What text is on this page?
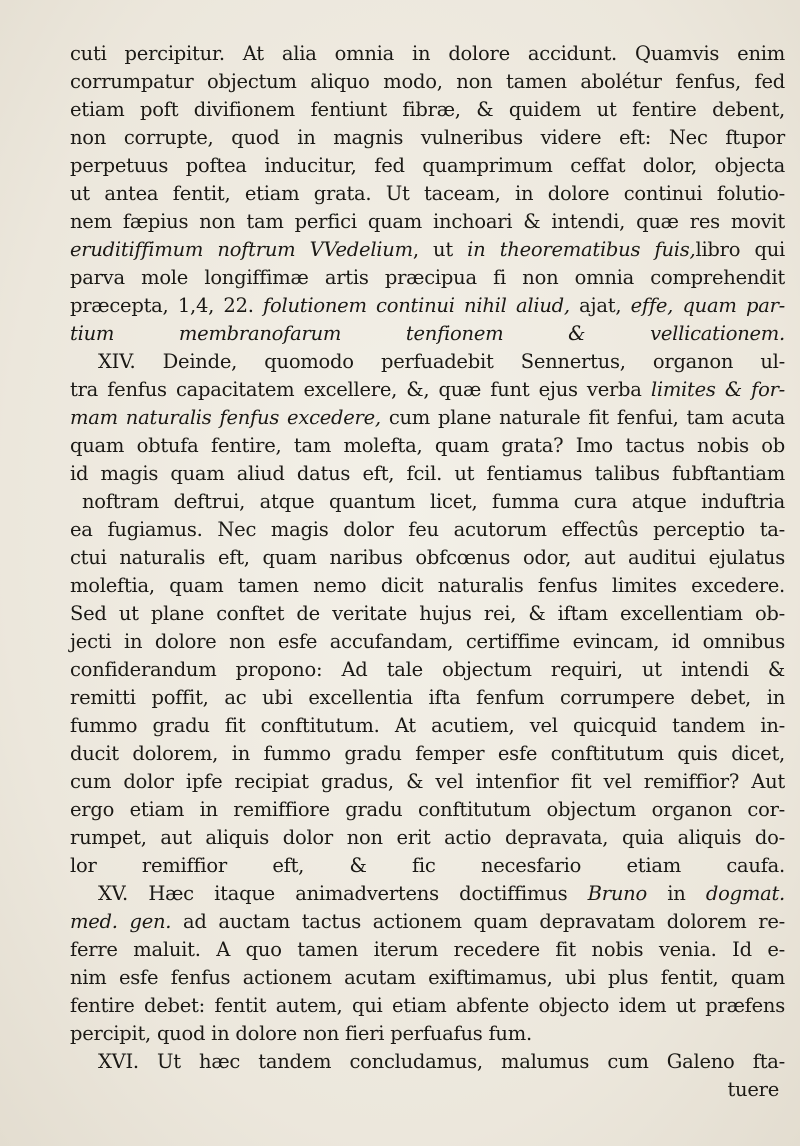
cuti percipitur. At alia omnia in dolore accidunt. Quamvis enim
corrumpatur objectum aliquo modo, non tamen abolétur fenfus, fed
etiam poft divifionem fentiunt fibræ, & quidem ut fentire debent,
non corrupte, quod in magnis vulneribus videre eft: Nec ftupor
perpetuus poftea inducitur, fed quamprimum ceffat dolor, objecta
ut antea fentit, etiam grata. Ut taceam, in dolore continui folutio-
nem fæpius non tam perfici quam inchoari & intendi, quæ res movit
eruditiffimum noftrum VVedelium, ut in theorematibus fuis,libro qui
parva mole longiffimæ artis præcipua fi non omnia comprehendit
præcepta, 1,4, 22. folutionem continui nihil aliud, ajat, effe, quam par-
tium membranofarum tenfionem & vellicationem.
XIV. Deinde, quomodo perfuadebit Sennertus, organon ul-
tra fenfus capacitatem excellere, &, quæ funt ejus verba limites & for-
mam naturalis fenfus excedere, cum plane naturale fit fenfui, tam acuta
quam obtufa fentire, tam molefta, quam grata? Imo tactus nobis ob
id magis quam aliud datus eft, fcil. ut fentiamus talibus fubftantiam
noftram deftrui, atque quantum licet, fumma cura atque induftria
ea fugiamus. Nec magis dolor feu acutorum effectûs perceptio ta-
ctui naturalis eft, quam naribus obfcœnus odor, aut auditui ejulatus
moleftia, quam tamen nemo dicit naturalis fenfus limites excedere.
Sed ut plane conftet de veritate hujus rei, & iftam excellentiam ob-
jecti in dolore non esfe accufandam, certiffime evincam, id omnibus
confiderandum propono: Ad tale objectum requiri, ut intendi &
remitti poffit, ac ubi excellentia ifta fenfum corrumpere debet, in
fummo gradu fit conftitutum. At acutiem, vel quicquid tandem in-
ducit dolorem, in fummo gradu femper esfe conftitutum quis dicet,
cum dolor ipfe recipiat gradus, & vel intenfior fit vel remiffior? Aut
ergo etiam in remiffiore gradu conftitutum objectum organon cor-
rumpet, aut aliquis dolor non erit actio depravata, quia aliquis do-
lor remiffior eft, & fic necesfario etiam caufa.
XV. Hæc itaque animadvertens doctiffimus Bruno in dogmat.
med. gen. ad auctam tactus actionem quam depravatam dolorem re-
ferre maluit. A quo tamen iterum recedere fit nobis venia. Id e-
nim esfe fenfus actionem acutam exiftimamus, ubi plus fentit, quam
fentire debet: fentit autem, qui etiam abfente objecto idem ut præfens
percipit, quod in dolore non fieri perfuafus fum.
XVI. Ut hæc tandem concludamus, malumus cum Galeno fta-
tuere
